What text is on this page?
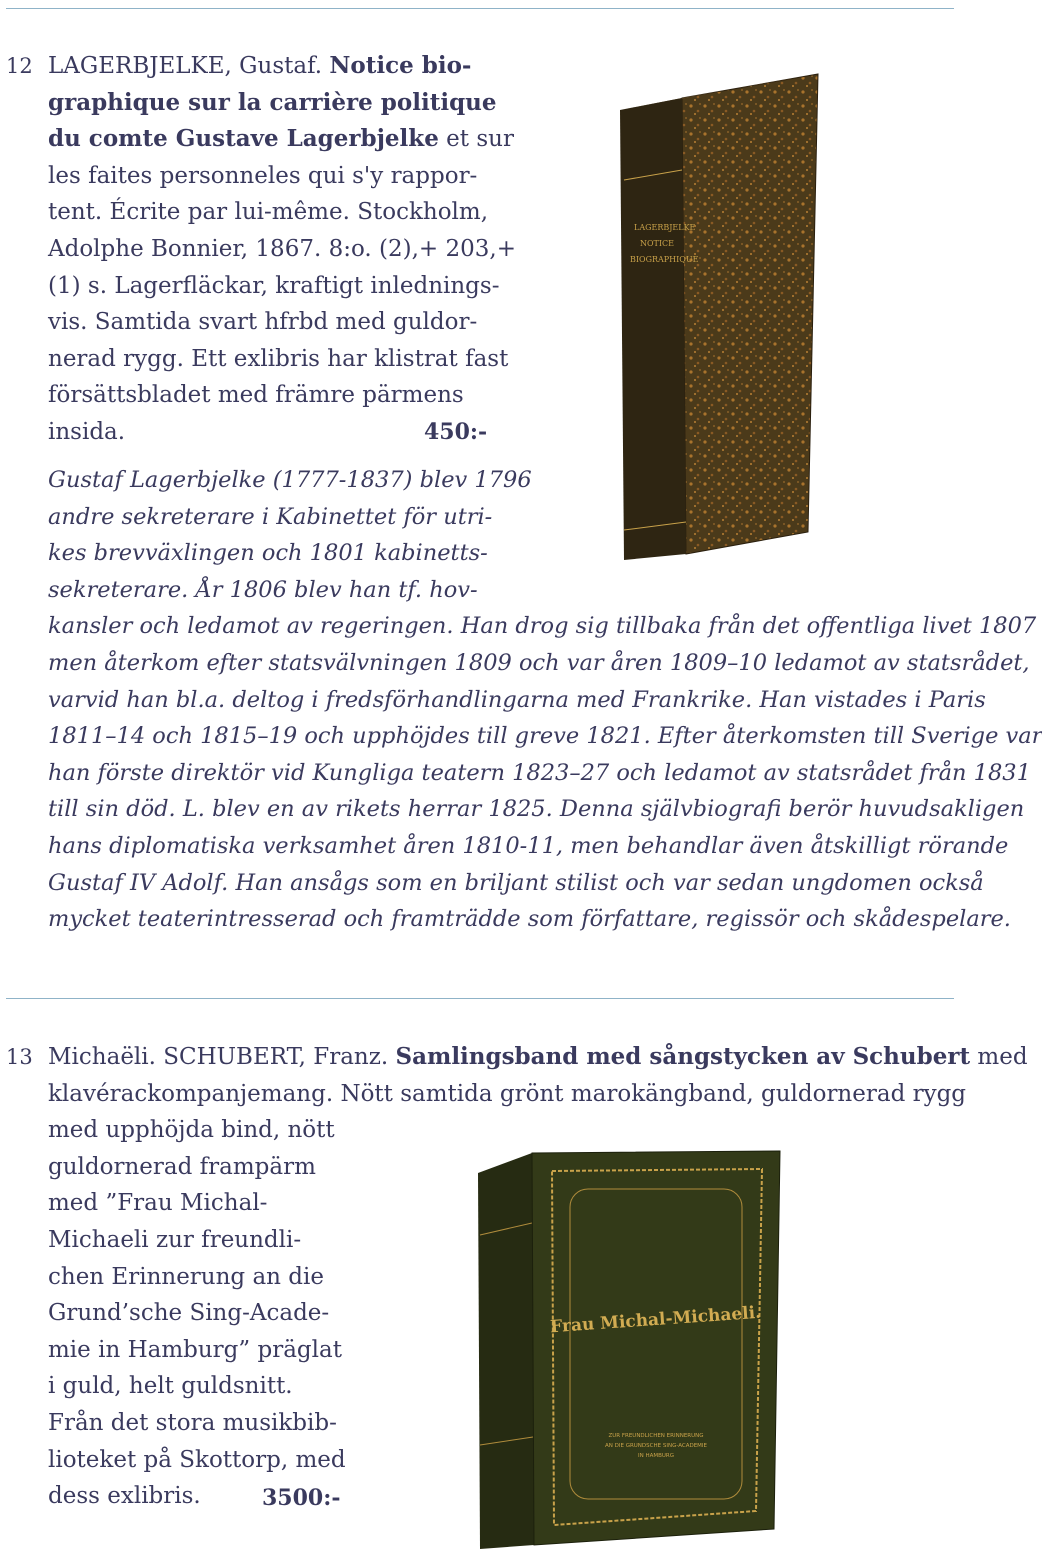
12 LAGERBJELKE, Gustaf. Notice bio-
graphique sur la carrière politique
du comte Gustave Lagerbjelke et sur
les faites personneles qui s'y rappor-
tent. Écrite par lui-même. Stockholm,
Adolphe Bonnier, 1867. 8:o. (2),+ 203,+
(1) s. Lagerfläckar, kraftigt inlednings-
vis. Samtida svart hfrbd med guldor-
nerad rygg. Ett exlibris har klistrat fast
försättsbladet med främre pärmens
insida.	450:-
Gustaf Lagerbjelke (1777-1837) blev 1796
andre sekreterare i Kabinettet för utri-
kes brevväxlingen och 1801 kabinetts-
sekreterare. År 1806 blev han tf. hov-
kansler och ledamot av regeringen. Han drog sig tillbaka från det offentliga livet 1807
men återkom efter statsvälvningen 1809 och var åren 1809–10 ledamot av statsrådet,
varvid han bl.a. deltog i fredsförhandlingarna med Frankrike. Han vistades i Paris
1811–14 och 1815–19 och upphöjdes till greve 1821. Efter återkomsten till Sverige var
han förste direktör vid Kungliga teatern 1823–27 och ledamot av statsrådet från 1831
till sin död. L. blev en av rikets herrar 1825. Denna självbiografi berör huvudsakligen
hans diplomatiska verksamhet åren 1810-11, men behandlar även åtskilligt rörande
Gustaf IV Adolf. Han ansågs som en briljant stilist och var sedan ungdomen också
mycket teaterintresserad och framträdde som författare, regissör och skådespelare.
LAGERBJELKE
NOTICE
BIOGRAPHIQUE
13 Michaëli. SCHUBERT, Franz. Samlingsband med sångstycken av Schubert med
klavérackompanjemang. Nött samtida grönt marokängband, guldornerad rygg
med upphöjda bind, nött
guldornerad frampärm
med ”Frau Michal-
Michaeli zur freundli-
chen Erinnerung an die
Grund’sche Sing-Acade-
mie in Hamburg” präglat
i guld, helt guldsnitt.
Från det stora musikbib-
lioteket på Skottorp, med
dess exlibris.	3500:-
Frau Michal-Michaeli.
ZUR FREUNDLICHEN ERINNERUNG
AN DIE GRUNDSCHE SING-ACADEMIE
IN HAMBURG
